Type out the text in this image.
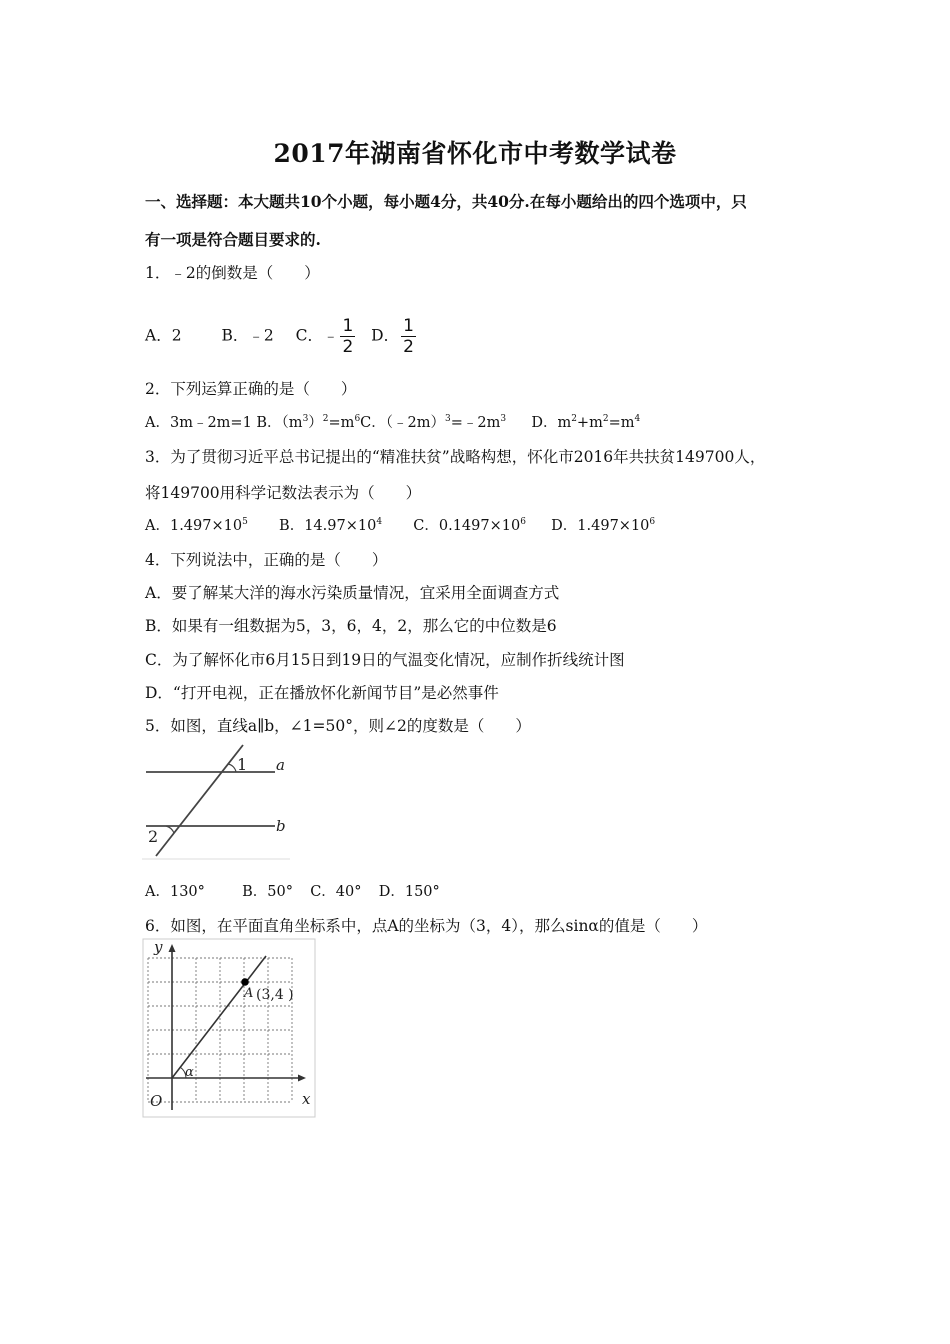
2017年湖南省怀化市中考数学试卷
一、选择题：本大题共10个小题，每小题4分，共40分.在每小题给出的四个选项中，只
有一项是符合题目要求的.
1．﹣2的倒数是（　　）
A．2	B．﹣2 C．﹣ $\frac{1}{2}$ D． $\frac{1}{2}$
2．下列运算正确的是（　　）
A．3m﹣2m=1 B．$(m^3)^2=m^6C$．$(﹣2m)^3=﹣2m^3$ D．$m^2+m^2=m^4$
3．为了贯彻习近平总书记提出的“精准扶贫”战略构想，怀化市2016年共扶贫149700人，
将149700用科学记数法表示为（　　）
A．$1.497\times 10^5$ B．$14.97\times 10^4$ C．$0.1497\times 10^6$ D．$1.497\times 10^6$
4．下列说法中，正确的是（　　）
A．要了解某大洋的海水污染质量情况，宜采用全面调查方式
B．如果有一组数据为5，3，6，4，2，那么它的中位数是6
C．为了解怀化市6月15日到19日的气温变化情况，应制作折线统计图
D．“打开电视，正在播放怀化新闻节目”是必然事件
5．如图，直线a∥b，∠1=50°，则∠2的度数是（　　）
1
2
a
b
A．130°	B．50° C．40° D．150°
6．如图，在平面直角坐标系中，点A的坐标为（3，4），那么sinα的值是（　　）
y
x
O
α
A (3,4 )
